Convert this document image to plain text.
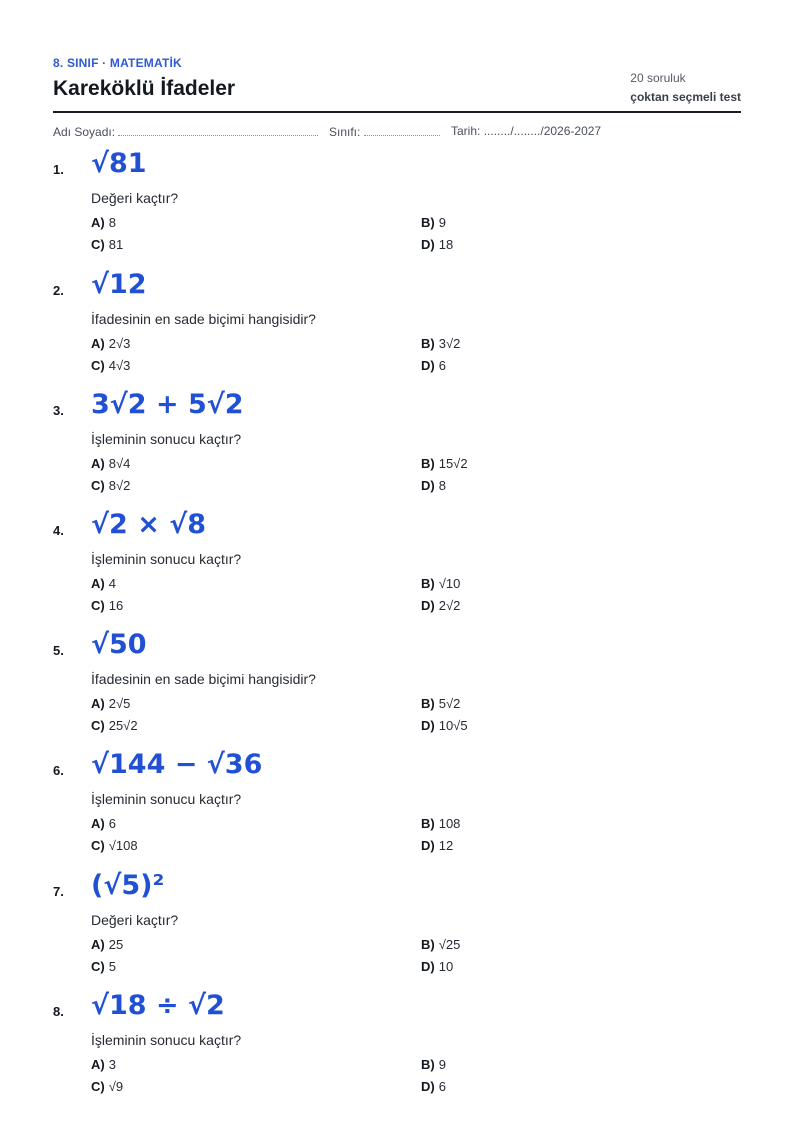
8. SINIF · MATEMATİK
Kareköklü İfadeler	20 soruluk
çoktan seçmeli test
Adı Soyadı:	Sınıfı:	Tarih: ......../......../2026-2027
1. √81
Değeri kaçtır?
A) 8	B) 9
C) 81	D) 18
2. √12
İfadesinin en sade biçimi hangisidir?
A) 2√3	B) 3√2
C) 4√3	D) 6
3. 3√2 + 5√2
İşleminin sonucu kaçtır?
A) 8√4	B) 15√2
C) 8√2	D) 8
4. √2 × √8
İşleminin sonucu kaçtır?
A) 4	B) √10
C) 16	D) 2√2
5. √50
İfadesinin en sade biçimi hangisidir?
A) 2√5	B) 5√2
C) 25√2	D) 10√5
6. √144 − √36
İşleminin sonucu kaçtır?
A) 6	B) 108
C) √108	D) 12
7. (√5)²
Değeri kaçtır?
A) 25	B) √25
C) 5	D) 10
8. √18 ÷ √2
İşleminin sonucu kaçtır?
A) 3	B) 9
C) √9	D) 6
